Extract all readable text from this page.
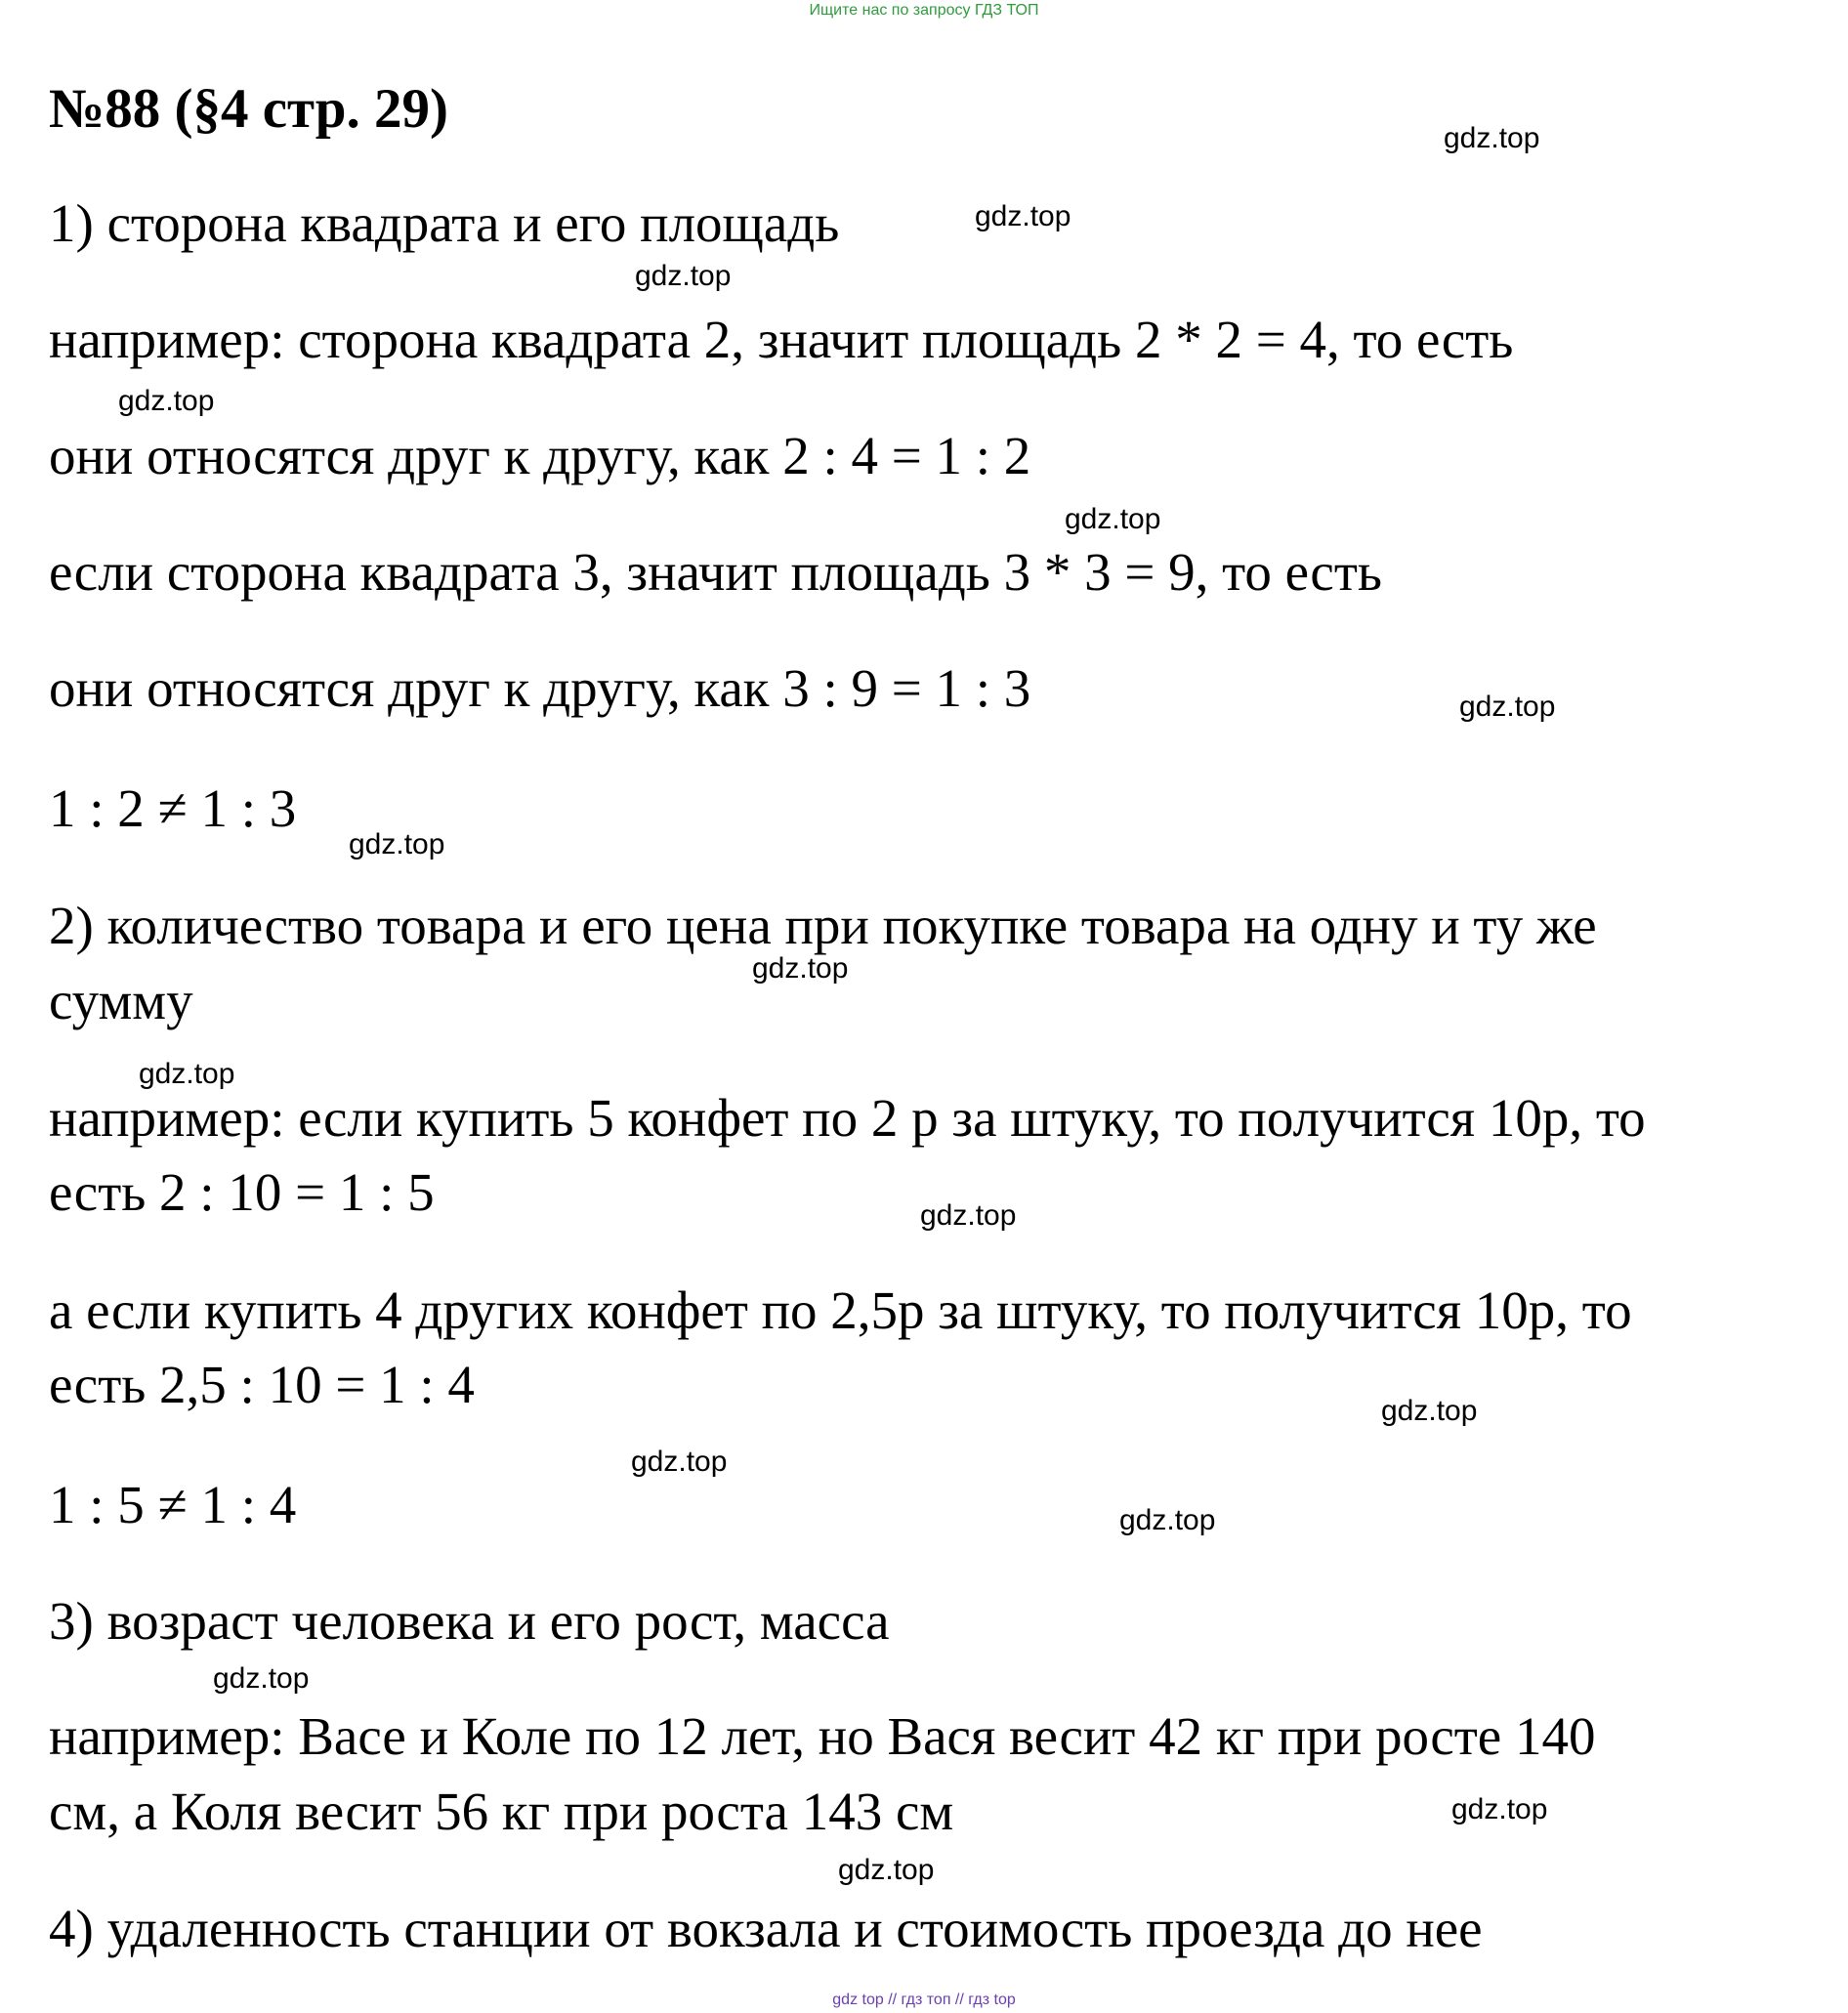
Ищите нас по запросу ГДЗ ТОП
№88 (§4 стр. 29)
1) сторона квадрата и его площадь
например: сторона квадрата 2, значит площадь 2 * 2 = 4, то есть
они относятся друг к другу, как 2 : 4 = 1 : 2
если сторона квадрата 3, значит площадь 3 * 3 = 9, то есть
они относятся друг к другу, как 3 : 9 = 1 : 3
1 : 2 ≠ 1 : 3
2) количество товара и его цена при покупке товара на одну и ту же
сумму
например: если купить 5 конфет по 2 р за штуку, то получится 10р, то
есть 2 : 10 = 1 : 5
а если купить 4 других конфет по 2,5р за штуку, то получится 10р, то
есть 2,5 : 10 = 1 : 4
1 : 5 ≠ 1 : 4
3) возраст человека и его рост, масса
например: Васе и Коле по 12 лет, но Вася весит 42 кг при росте 140
см, а Коля весит 56 кг при роста 143 см
4) удаленность станции от вокзала и стоимость проезда до нее
gdz.top
gdz.top
gdz.top
gdz.top
gdz.top
gdz.top
gdz.top
gdz.top
gdz.top
gdz.top
gdz.top
gdz.top
gdz.top
gdz.top
gdz.top
gdz.top
gdz top // гдз топ // гдз top
